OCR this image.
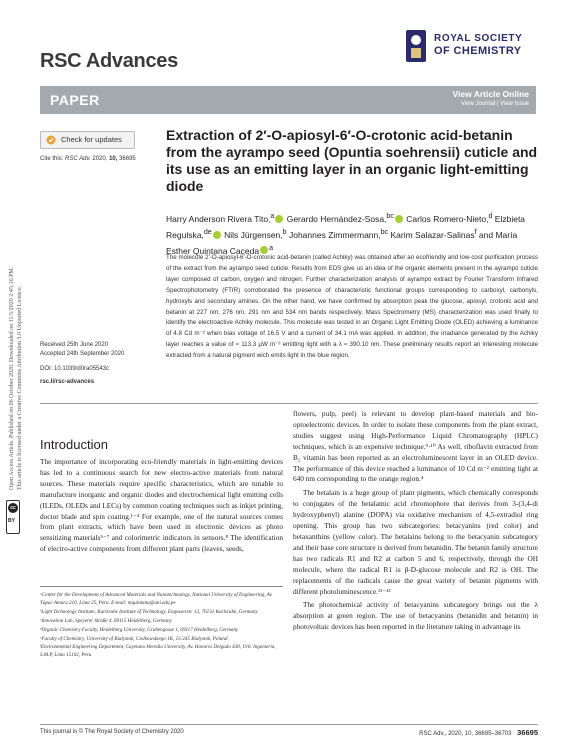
RSC Advances
ROYAL SOCIETY
OF CHEMISTRY
PAPER	View Article Online
View Journal | View Issue
Open Access Article. Published on 06 October 2020. Downloaded on 11/5/2020 2:45:16 PM. This article is licensed under a Creative Commons Attribution 3.0 Unported Licence.
cc
BY
Check for updates
Cite this: RSC Adv. 2020, 10, 36695
Extraction of 2′-O-apiosyl-6′-O-crotonic acid-betanin from the ayrampo seed (Opuntia soehrensii) cuticle and its use as an emitting layer in an organic light-emitting diode
Harry Anderson Rivera Tito,$^a$ Gerardo Hernández-Sosa,$^{bc}$ Carlos Romero-Nieto,$^d$ Elzbieta Regulska,$^{de}$ Nils Jürgensen,$^b$ Johannes Zimmermann,$^{bc}$ Karim Salazar-Salinas$^f$ and María Esther Quintana Caceda $^a$
The molecule 2′-O-apiosyl-6′-O-crotonic acid-betanin (called Achiky) was obtained after an ecofriendly and low-cost purification process of the extract from the ayrampo seed cuticle. Results from EDS give us an idea of the organic elements present in the ayrampo cuticle layer composed of carbon, oxygen and nitrogen. Further characterization analysis of ayrampo extract by Fourier Transform Infrared Spectrophotometry (FTIR) corroborated the presence of characteristic functional groups corresponding to carboxyl, carbonyls, hydroxyls and secondary amines. On the other hand, we have confirmed by absorption peak the glucose, apiosyl, crotonic acid and betanin at 227 nm, 276 nm, 291 nm and 534 nm bands respectively. Mass Spectrometry (MS) characterization was used finally to identify the electroactive Achiky molecule. This molecule was tested in an Organic Light Emitting Diode (OLED) achieving a luminance of 4.8 Cd m⁻² when bias voltage of 16.5 V and a current of 34.1 mA was applied. In addition, the irradiance generated by the Achiky layer reaches a value of ≈ 113.3 μW m⁻² emitting light with a λ ≈ 390.10 nm. These preliminary results report an interesting molecule extracted from a natural pigment wich emits light in the blue region.
Received 25th June 2020
Accepted 24th September 2020
DOI: 10.1039/d0ra05543c
rsc.li/rsc-advances
Introduction

The importance of incorporating eco-friendly materials in light-emitting devices has led to a continuous search for new electro-active materials from natural sources. These materials require specific characteristics, which are tunable to manufacture inorganic and organic diodes and electrochemical light emitting cells (ILEDs, OLEDs and LECs) by common coating techniques such as inkjet printing, doctor blade and spin coating.¹⁻⁴ For example, one of the natural sources comes from plant extracts, which have been used in electronic devices as photo sensitizing materials⁵⁻⁷ and colorimetric indicators in sensors.⁸ The identification of electro-active components from different plant parts (leaves, seeds,

flowers, pulp, peel) is relevant to develop plant-based materials and bio-optoelectronic devices. In order to isolate these components from the plant extract, studies suggest using High-Performance Liquid Chromatography (HPLC) techniques, which is an expensive technique.⁹·¹⁰ As well, riboflavin extracted from B₂ vitamin has been reported as an electroluminescent layer in an OLED device. The performance of this device reached a luminance of 10 Cd m⁻² emitting light at 640 nm corresponding to the orange region.⁴

The betalain is a huge group of plant pigments, which chemically corresponds to conjugates of the betalamic acid chromophore that derives from 3-(3,4-di hydroxyphenyl) alanine (DOPA) via oxidative mechanism of 4,5-extradiol ring opening. This group has two subcategories: betacyanins (red color) and betaxanthins (yellow color). The betalains belong to the betacyanin subcategory and their base core structure is derived from betanidin. The betanin family structure has two radicals R1 and R2 at carbon 5 and 6, respectively, through the OH molecule, where the radical R1 is β-D-glucose molecule and R2 is OH. The replacements of the radicals cause the great variety of betanin pigments with different photoluminescence.¹¹⁻¹³

The photochemical activity of betacyanins subcategory brings out the λ absorption at green region. The use of betacyanins (betanidin and betanin) in photovoltaic devices has been reported in the literature taking in advantage its

ᵃCenter for the Development of Advanced Materials and Nanotechnology, National University of Engineering, Av. Túpac Amaru 210, Lima 25, Peru. E-mail: mquintana@uni.edu.pe
ᵇLight Technology Institute, Karlsruhe Institute of Technology, Engesserstr. 13, 76131 Karlsruhe, Germany
ᶜInnovation Lab, Speyerer Straße 4, 69115 Heidelberg, Germany
ᵈOrganic Chemistry Faculty, Heidelberg University, Grabengasse 1, 69117 Heidelberg, Germany
ᵉFaculty of Chemistry, University of Bialystok, Ciolkowskiego 1K, 15-245 Bialystok, Poland
ᶠEnvironmental Engineering Department, Cayetano Heredia University, Av. Honorio Delgado 430, Urb. Ingeniería, S.M.P, Lima 15102, Peru
This journal is © The Royal Society of Chemistry 2020	RSC Adv., 2020, 10, 36695–36703 36695
